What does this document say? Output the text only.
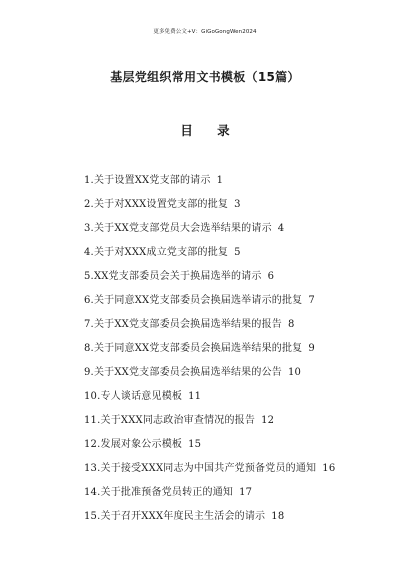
更多免费公文+V：GiGoGongWen2024
基层党组织常用文书模板（15篇）
目 录
1.关于设置XX党支部的请示 1
2.关于对XXX设置党支部的批复 3
3.关于XX党支部党员大会选举结果的请示 4
4.关于对XXX成立党支部的批复 5
5.XX党支部委员会关于换届选举的请示 6
6.关于同意XX党支部委员会换届选举请示的批复 7
7.关于XX党支部委员会换届选举结果的报告 8
8.关于同意XX党支部委员会换届选举结果的批复 9
9.关于XX党支部委员会换届选举结果的公告 10
10.专人谈话意见模板 11
11.关于XXX同志政治审查情况的报告 12
12.发展对象公示模板 15
13.关于接受XXX同志为中国共产党预备党员的通知 16
14.关于批准预备党员转正的通知 17
15.关于召开XXX年度民主生活会的请示 18
